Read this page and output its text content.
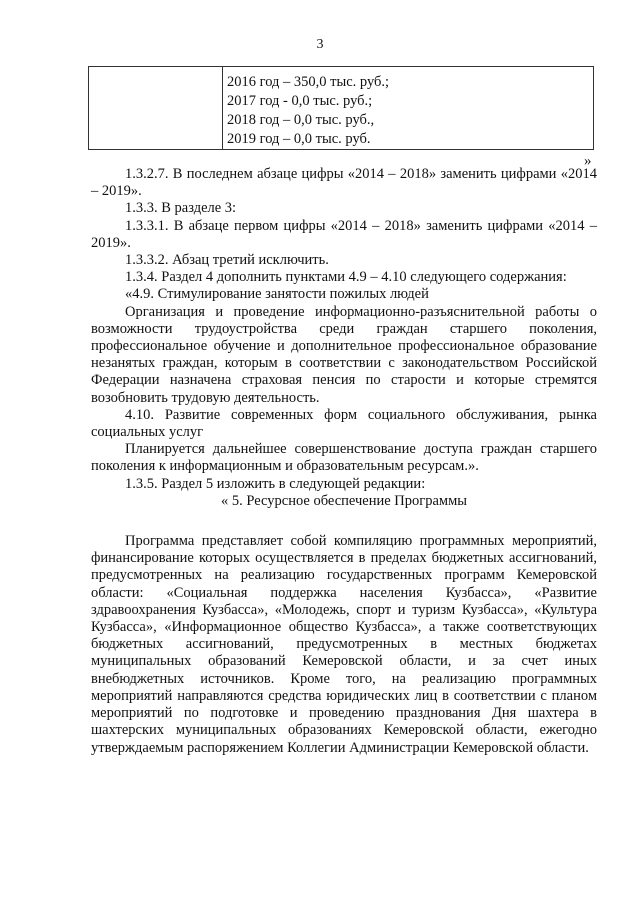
3
2016 год – 350,0 тыс. руб.;
2017 год - 0,0 тыс. руб.;
2018 год – 0,0 тыс. руб.,
2019 год – 0,0 тыс. руб.
»

1.3.2.7. В последнем абзаце цифры «2014 – 2018» заменить цифрами «2014 – 2019».

1.3.3. В разделе 3:

1.3.3.1. В абзаце первом цифры «2014 – 2018» заменить цифрами «2014 – 2019».

1.3.3.2. Абзац третий исключить.

1.3.4. Раздел 4 дополнить пунктами 4.9 – 4.10 следующего содержания:

«4.9. Стимулирование занятости пожилых людей

Организация и проведение информационно-разъяснительной работы о возможности трудоустройства среди граждан старшего поколения, профессиональное обучение и дополнительное профессиональное образование незанятых граждан, которым в соответствии с законодательством Российской Федерации назначена страховая пенсия по старости и которые стремятся возобновить трудовую деятельность.

4.10. Развитие современных форм социального обслуживания, рынка социальных услуг

Планируется дальнейшее совершенствование доступа граждан старшего поколения к информационным и образовательным ресурсам.».

1.3.5. Раздел 5 изложить в следующей редакции:

« 5. Ресурсное обеспечение Программы

Программа представляет собой компиляцию программных мероприятий, финансирование которых осуществляется в пределах бюджетных ассигнований, предусмотренных на реализацию государственных программ Кемеровской области: «Социальная поддержка населения Кузбасса», «Развитие здравоохранения Кузбасса», «Молодежь, спорт и туризм Кузбасса», «Культура Кузбасса», «Информационное общество Кузбасса», а также соответствующих бюджетных ассигнований, предусмотренных в местных бюджетах муниципальных образований Кемеровской области, и за счет иных внебюджетных источников. Кроме того, на реализацию программных мероприятий направляются средства юридических лиц в соответствии с планом мероприятий по подготовке и проведению празднования Дня шахтера в шахтерских муниципальных образованиях Кемеровской области, ежегодно утверждаемым распоряжением Коллегии Администрации Кемеровской области.
